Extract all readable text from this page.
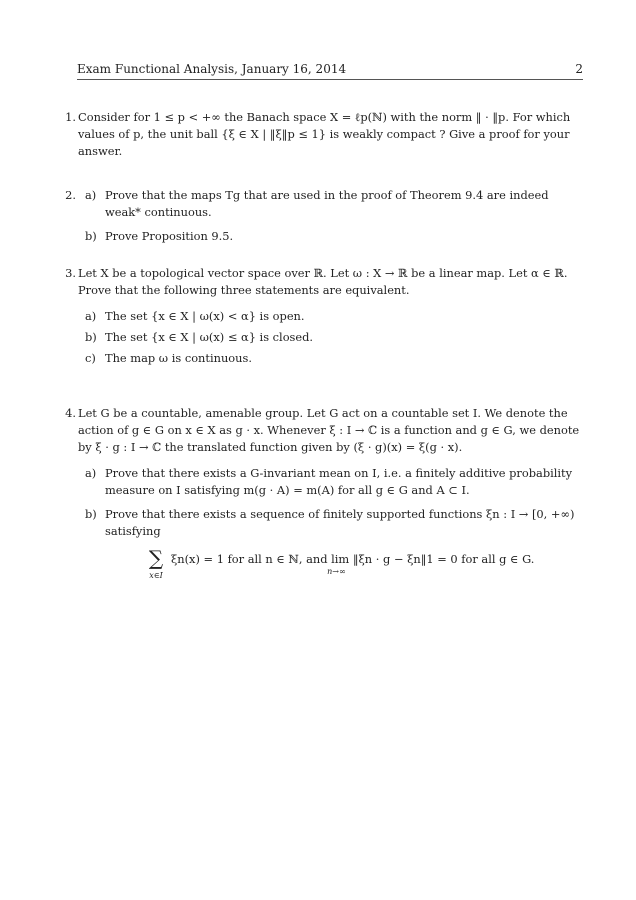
Exam Functional Analysis, January 16, 2014	2
1. Consider for 1 ≤ p < +∞ the Banach space X = ℓp(ℕ) with the norm ‖ · ‖p. For which values of p, the unit ball {ξ ∈ X | ‖ξ‖p ≤ 1} is weakly compact ? Give a proof for your answer.
2. a) Prove that the maps Tg that are used in the proof of Theorem 9.4 are indeed weak* continuous.
b) Prove Proposition 9.5.
3. Let X be a topological vector space over ℝ. Let ω : X → ℝ be a linear map. Let α ∈ ℝ. Prove that the following three statements are equivalent.
a) The set {x ∈ X | ω(x) < α} is open.
b) The set {x ∈ X | ω(x) ≤ α} is closed.
c) The map ω is continuous.
4. Let G be a countable, amenable group. Let G act on a countable set I. We denote the action of g ∈ G on x ∈ X as g · x. Whenever ξ : I → ℂ is a function and g ∈ G, we denote by ξ · g : I → ℂ the translated function given by (ξ · g)(x) = ξ(g · x).
a) Prove that there exists a G-invariant mean on I, i.e. a finitely additive probability measure on I satisfying m(g · A) = m(A) for all g ∈ G and A ⊂ I.
b) Prove that there exists a sequence of finitely supported functions ξn : I → [0, +∞) satisfying
∑
x∈I
ξn(x) = 1 for all n ∈ ℕ, and lim
n→∞
‖ξn · g − ξn‖1 = 0 for all g ∈ G.
